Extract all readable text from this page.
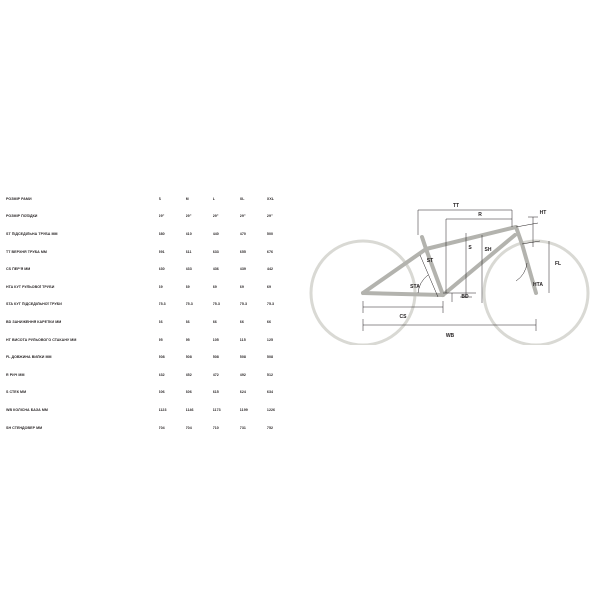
РОЗМІР РАМИ	S	M	L	XL	XXL
РОЗМІР ПОЇЗДКИ	29"	29"	29"	29"	29"
ST ПІДСЕДІЛЬНА ТРУБА ММ	380	410	440	470	500
TT ВЕРХНЯ ТРУБА ММ	591	611	633	655	676
CS ПЕР'Я ММ	430	433	436	439	442
HTA КУТ РУЛЬОВОЇ ТРУБИ	69	69	69	69	69
STA КУТ ПІДСЕДІЛЬНОЇ ТРУБИ	75.3	75.3	75.3	75.3	75.3
BD ЗАНИЖЕННЯ КАРЕТКИ ММ	66	66	66	66	66
HT ВИСОТА РУЛЬОВОГО СТАКАНУ ММ	95	95	105	115	125
FL ДОВЖИНА ВИЛКИ ММ	508	508	508	508	508
R РИЧ ММ	432	452	472	492	512
S СТЕК ММ	606	606	615	624	634
WB КОЛІСНА БАЗА ММ	1123	1146	1173	1199	1226
SH СТЕНДОВЕР ММ	704	704	710	731	752
TT
R	HT
ST
S	SH
FL
STA	HTA
BD
CS
WB
